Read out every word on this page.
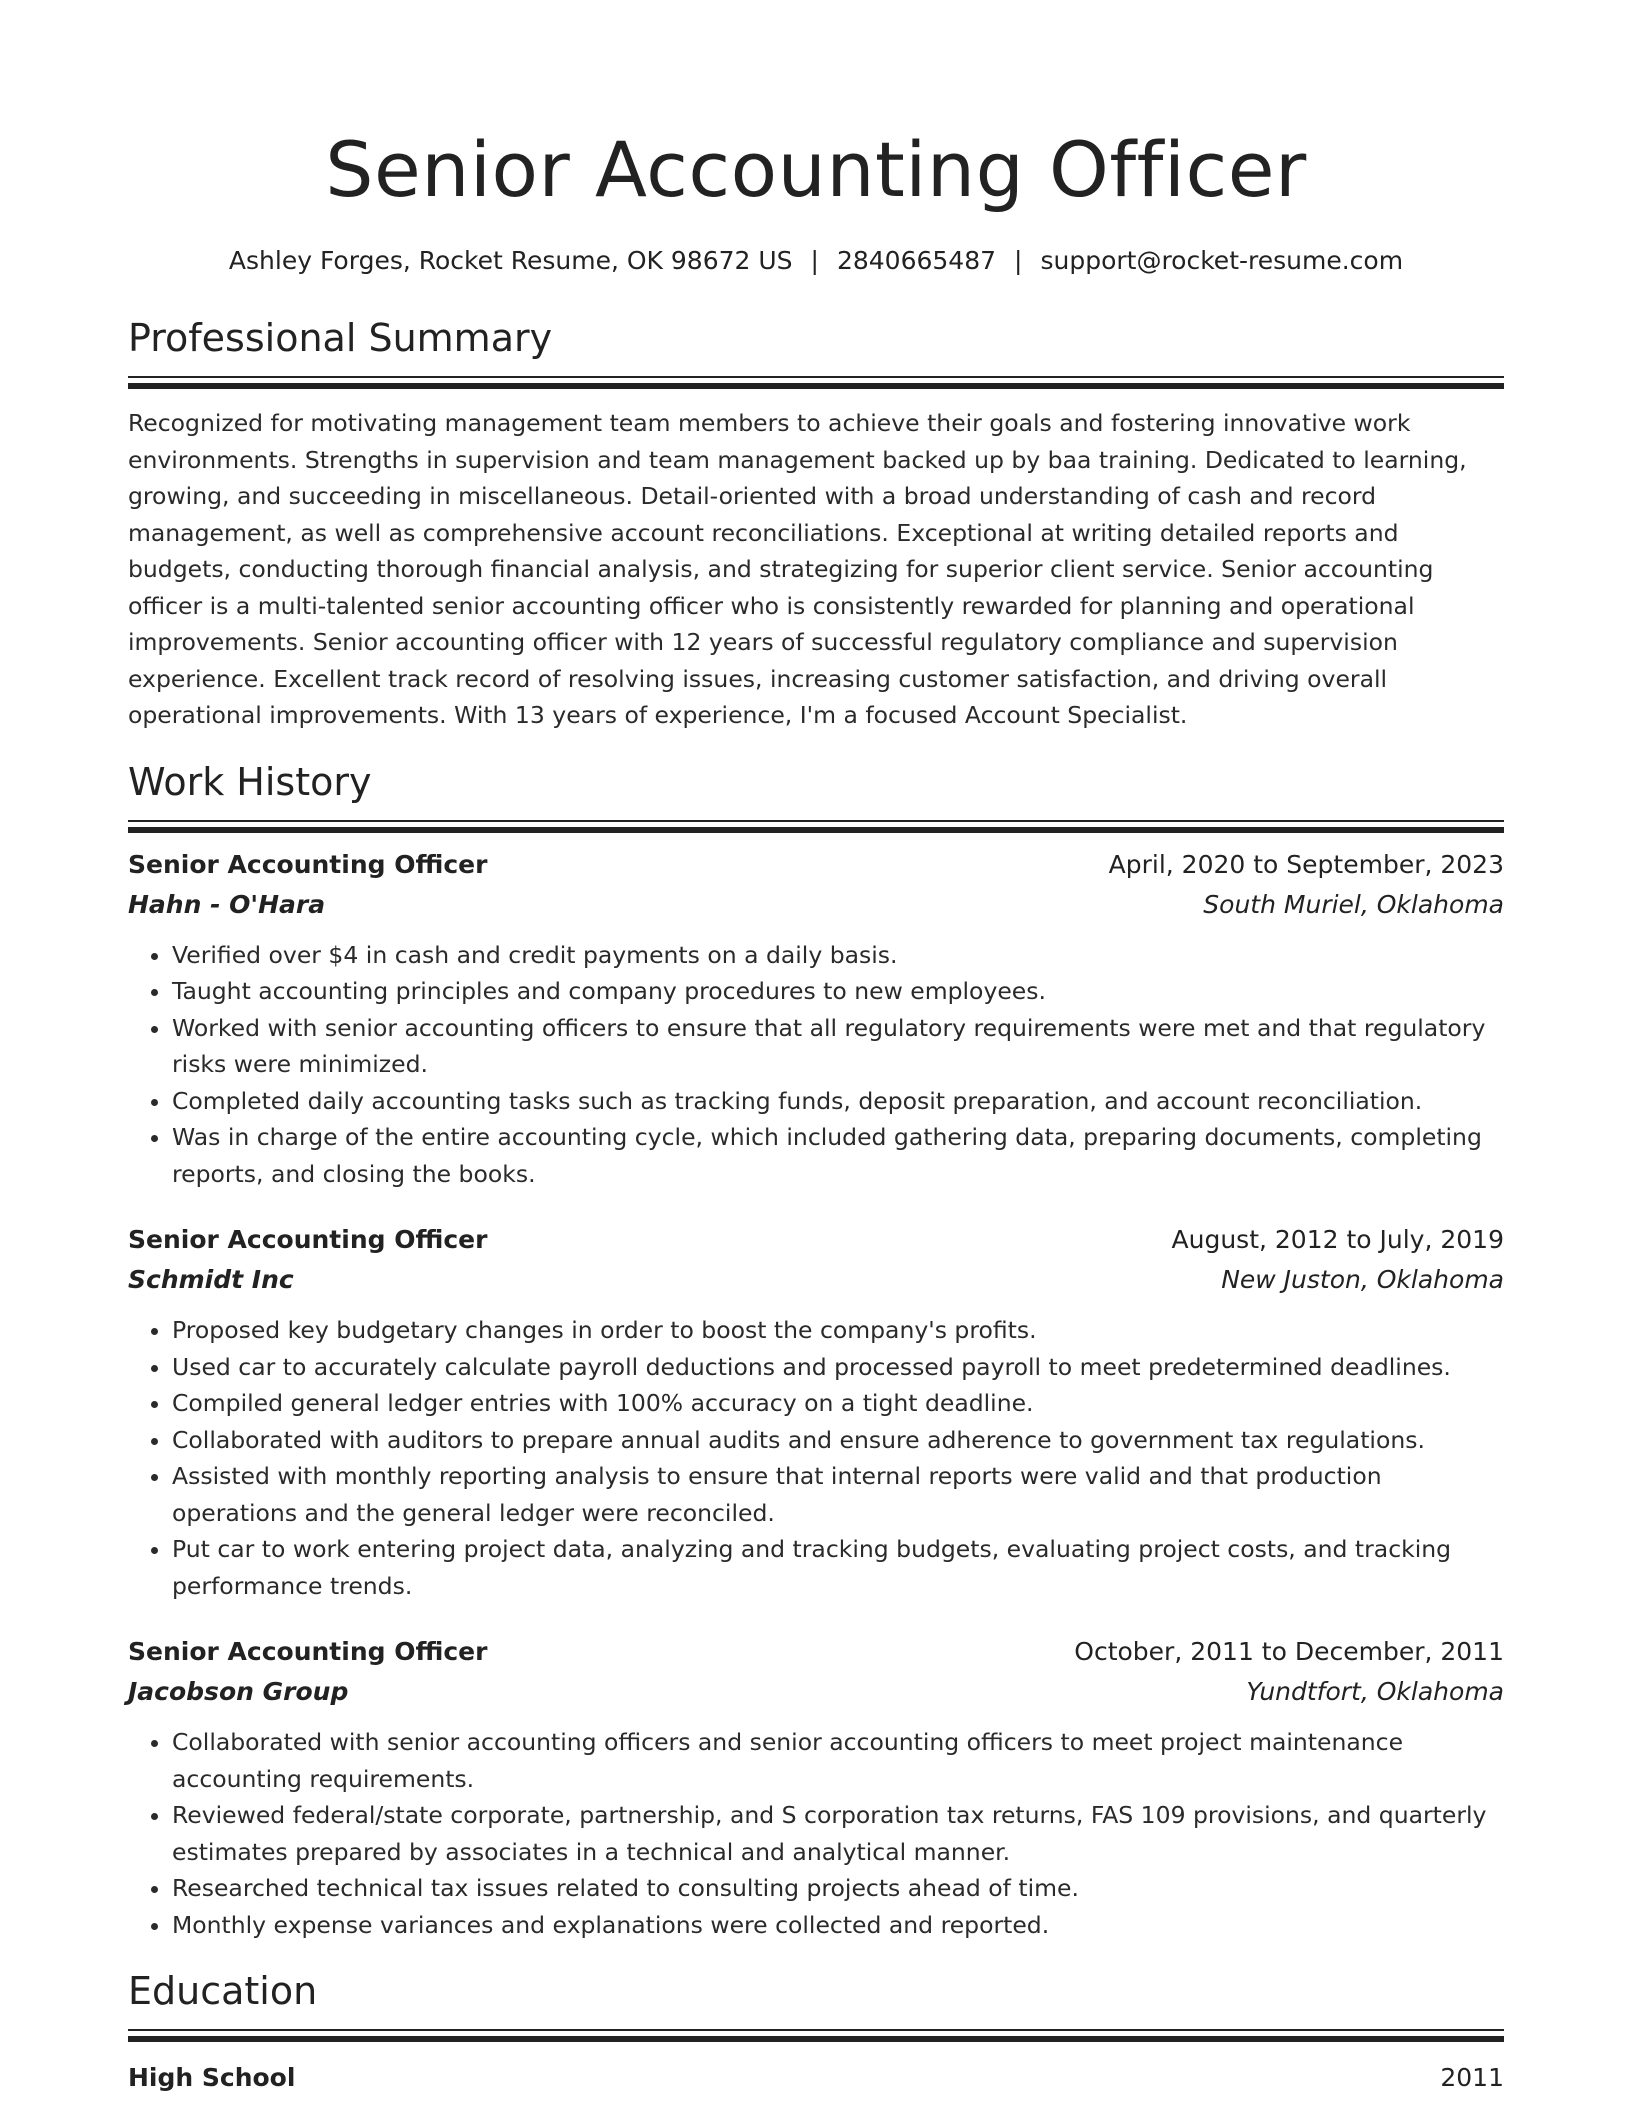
Senior Accounting Officer
Ashley Forges, Rocket Resume, OK 98672 US | 2840665487 | support@rocket-resume.com
Professional Summary
Recognized for motivating management team members to achieve their goals and fostering innovative work environments. Strengths in supervision and team management backed up by baa training. Dedicated to learning, growing, and succeeding in miscellaneous. Detail-oriented with a broad understanding of cash and record management, as well as comprehensive account reconciliations. Exceptional at writing detailed reports and budgets, conducting thorough financial analysis, and strategizing for superior client service. Senior accounting officer is a multi-talented senior accounting officer who is consistently rewarded for planning and operational improvements. Senior accounting officer with 12 years of successful regulatory compliance and supervision experience. Excellent track record of resolving issues, increasing customer satisfaction, and driving overall operational improvements. With 13 years of experience, I'm a focused Account Specialist.
Work History
Senior Accounting Officer	April, 2020 to September, 2023
Hahn - O'Hara	South Muriel, Oklahoma
• Verified over $4 in cash and credit payments on a daily basis.
• Taught accounting principles and company procedures to new employees.
• Worked with senior accounting officers to ensure that all regulatory requirements were met and that regulatory risks were minimized.
• Completed daily accounting tasks such as tracking funds, deposit preparation, and account reconciliation.
• Was in charge of the entire accounting cycle, which included gathering data, preparing documents, completing reports, and closing the books.
Senior Accounting Officer	August, 2012 to July, 2019
Schmidt Inc	New Juston, Oklahoma
• Proposed key budgetary changes in order to boost the company's profits.
• Used car to accurately calculate payroll deductions and processed payroll to meet predetermined deadlines.
• Compiled general ledger entries with 100% accuracy on a tight deadline.
• Collaborated with auditors to prepare annual audits and ensure adherence to government tax regulations.
• Assisted with monthly reporting analysis to ensure that internal reports were valid and that production operations and the general ledger were reconciled.
• Put car to work entering project data, analyzing and tracking budgets, evaluating project costs, and tracking performance trends.
Senior Accounting Officer	October, 2011 to December, 2011
Jacobson Group	Yundtfort, Oklahoma
• Collaborated with senior accounting officers and senior accounting officers to meet project maintenance accounting requirements.
• Reviewed federal/state corporate, partnership, and S corporation tax returns, FAS 109 provisions, and quarterly estimates prepared by associates in a technical and analytical manner.
• Researched technical tax issues related to consulting projects ahead of time.
• Monthly expense variances and explanations were collected and reported.
Education
High School	2011
